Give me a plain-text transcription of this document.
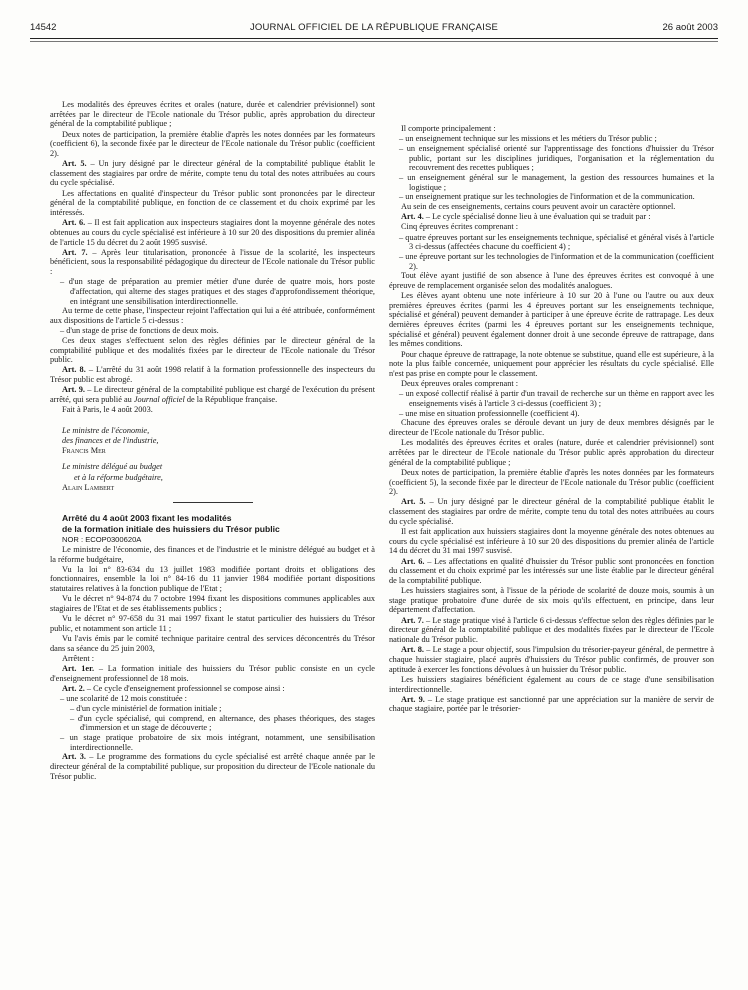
14542	JOURNAL OFFICIEL DE LA RÉPUBLIQUE FRANÇAISE	26 août 2003

Les modalités des épreuves écrites et orales (nature, durée et calendrier prévisionnel) sont arrêtées par le directeur de l'Ecole nationale du Trésor public, après approbation du directeur général de la comptabilité publique ;

Deux notes de participation, la première établie d'après les notes données par les formateurs (coefficient 6), la seconde fixée par le directeur de l'Ecole nationale du Trésor public (coefficient 2).

Art. 5. – Un jury désigné par le directeur général de la comptabilité publique établit le classement des stagiaires par ordre de mérite, compte tenu du total des notes attribuées au cours du cycle spécialisé.

Les affectations en qualité d'inspecteur du Trésor public sont prononcées par le directeur général de la comptabilité publique, en fonction de ce classement et du choix exprimé par les intéressés.

Art. 6. – Il est fait application aux inspecteurs stagiaires dont la moyenne générale des notes obtenues au cours du cycle spécialisé est inférieure à 10 sur 20 des dispositions du premier alinéa de l'article 15 du décret du 2 août 1995 susvisé.

Art. 7. – Après leur titularisation, prononcée à l'issue de la scolarité, les inspecteurs bénéficient, sous la responsabilité pédagogique du directeur de l'Ecole nationale du Trésor public :

– d'un stage de préparation au premier métier d'une durée de quatre mois, hors poste d'affectation, qui alterne des stages pratiques et des stages d'approfondissement théorique, en intégrant une sensibilisation interdirectionnelle.

Au terme de cette phase, l'inspecteur rejoint l'affectation qui lui a été attribuée, conformément aux dispositions de l'article 5 ci-dessus :

– d'un stage de prise de fonctions de deux mois.

Ces deux stages s'effectuent selon des règles définies par le directeur général de la comptabilité publique et des modalités fixées par le directeur de l'Ecole nationale du Trésor public.

Art. 8. – L'arrêté du 31 août 1998 relatif à la formation professionnelle des inspecteurs du Trésor public est abrogé.

Art. 9. – Le directeur général de la comptabilité publique est chargé de l'exécution du présent arrêté, qui sera publié au Journal officiel de la République française.

Fait à Paris, le 4 août 2003.

Le ministre de l'économie,

des finances et de l'industrie,

Francis Mer

Le ministre délégué au budget

et à la réforme budgétaire,

Alain Lambert

Arrêté du 4 août 2003 fixant les modalités

de la formation initiale des huissiers du Trésor public

NOR : ECOP0300620A

Le ministre de l'économie, des finances et de l'industrie et le ministre délégué au budget et à la réforme budgétaire,

Vu la loi n° 83-634 du 13 juillet 1983 modifiée portant droits et obligations des fonctionnaires, ensemble la loi n° 84-16 du 11 janvier 1984 modifiée portant dispositions statutaires relatives à la fonction publique de l'Etat ;

Vu le décret n° 94-874 du 7 octobre 1994 fixant les dispositions communes applicables aux stagiaires de l'Etat et de ses établissements publics ;

Vu le décret n° 97-658 du 31 mai 1997 fixant le statut particulier des huissiers du Trésor public, et notamment son article 11 ;

Vu l'avis émis par le comité technique paritaire central des services déconcentrés du Trésor dans sa séance du 25 juin 2003,

Arrêtent :

Art. 1er. – La formation initiale des huissiers du Trésor public consiste en un cycle d'enseignement professionnel de 18 mois.

Art. 2. – Ce cycle d'enseignement professionnel se compose ainsi :

– une scolarité de 12 mois constituée :
– d'un cycle ministériel de formation initiale ;
– d'un cycle spécialisé, qui comprend, en alternance, des phases théoriques, des stages d'immersion et un stage de découverte ;
– un stage pratique probatoire de six mois intégrant, notamment, une sensibilisation interdirectionnelle.

Art. 3. – Le programme des formations du cycle spécialisé est arrêté chaque année par le directeur général de la comptabilité publique, sur proposition du directeur de l'Ecole nationale du Trésor public.

Il comporte principalement :

– un enseignement technique sur les missions et les métiers du Trésor public ;
– un enseignement spécialisé orienté sur l'apprentissage des fonctions d'huissier du Trésor public, portant sur les disciplines juridiques, l'organisation et la réglementation du recouvrement des recettes publiques ;
– un enseignement général sur le management, la gestion des ressources humaines et la logistique ;
– un enseignement pratique sur les technologies de l'information et de la communication.

Au sein de ces enseignements, certains cours peuvent avoir un caractère optionnel.

Art. 4. – Le cycle spécialisé donne lieu à une évaluation qui se traduit par :

Cinq épreuves écrites comprenant :

– quatre épreuves portant sur les enseignements technique, spécialisé et général visés à l'article 3 ci-dessus (affectées chacune du coefficient 4) ;
– une épreuve portant sur les technologies de l'information et de la communication (coefficient 2).

Tout élève ayant justifié de son absence à l'une des épreuves écrites est convoqué à une épreuve de remplacement organisée selon des modalités analogues.

Les élèves ayant obtenu une note inférieure à 10 sur 20 à l'une ou l'autre ou aux deux premières épreuves écrites (parmi les 4 épreuves portant sur les enseignements technique, spécialisé et général) peuvent demander à participer à une épreuve écrite de rattrapage. Les deux dernières épreuves écrites (parmi les 4 épreuves portant sur les enseignements technique, spécialisé et général) peuvent également donner droit à une seconde épreuve de rattrapage, dans les mêmes conditions.

Pour chaque épreuve de rattrapage, la note obtenue se substitue, quand elle est supérieure, à la note la plus faible concernée, uniquement pour apprécier les résultats du cycle spécialisé. Elle n'est pas prise en compte pour le classement.

Deux épreuves orales comprenant :

– un exposé collectif réalisé à partir d'un travail de recherche sur un thème en rapport avec les enseignements visés à l'article 3 ci-dessus (coefficient 3) ;
– une mise en situation professionnelle (coefficient 4).

Chacune des épreuves orales se déroule devant un jury de deux membres désignés par le directeur de l'Ecole nationale du Trésor public.

Les modalités des épreuves écrites et orales (nature, durée et calendrier prévisionnel) sont arrêtées par le directeur de l'Ecole nationale du Trésor public après approbation du directeur général de la comptabilité publique ;

Deux notes de participation, la première établie d'après les notes données par les formateurs (coefficient 5), la seconde fixée par le directeur de l'Ecole nationale du Trésor public (coefficient 2).

Art. 5. – Un jury désigné par le directeur général de la comptabilité publique établit le classement des stagiaires par ordre de mérite, compte tenu du total des notes attribuées au cours du cycle spécialisé.

Il est fait application aux huissiers stagiaires dont la moyenne générale des notes obtenues au cours du cycle spécialisé est inférieure à 10 sur 20 des dispositions du premier alinéa de l'article 14 du décret du 31 mai 1997 susvisé.

Art. 6. – Les affectations en qualité d'huissier du Trésor public sont prononcées en fonction du classement et du choix exprimé par les intéressés sur une liste établie par le directeur général de la comptabilité publique.

Les huissiers stagiaires sont, à l'issue de la période de scolarité de douze mois, soumis à un stage pratique probatoire d'une durée de six mois qu'ils effectuent, en principe, dans leur département d'affectation.

Art. 7. – Le stage pratique visé à l'article 6 ci-dessus s'effectue selon des règles définies par le directeur général de la comptabilité publique et des modalités fixées par le directeur de l'Ecole nationale du Trésor public.

Art. 8. – Le stage a pour objectif, sous l'impulsion du trésorier-payeur général, de permettre à chaque huissier stagiaire, placé auprès d'huissiers du Trésor public confirmés, de prouver son aptitude à exercer les fonctions dévolues à un huissier du Trésor public.

Les huissiers stagiaires bénéficient également au cours de ce stage d'une sensibilisation interdirectionnelle.

Art. 9. – Le stage pratique est sanctionné par une appréciation sur la manière de servir de chaque stagiaire, portée par le trésorier-
